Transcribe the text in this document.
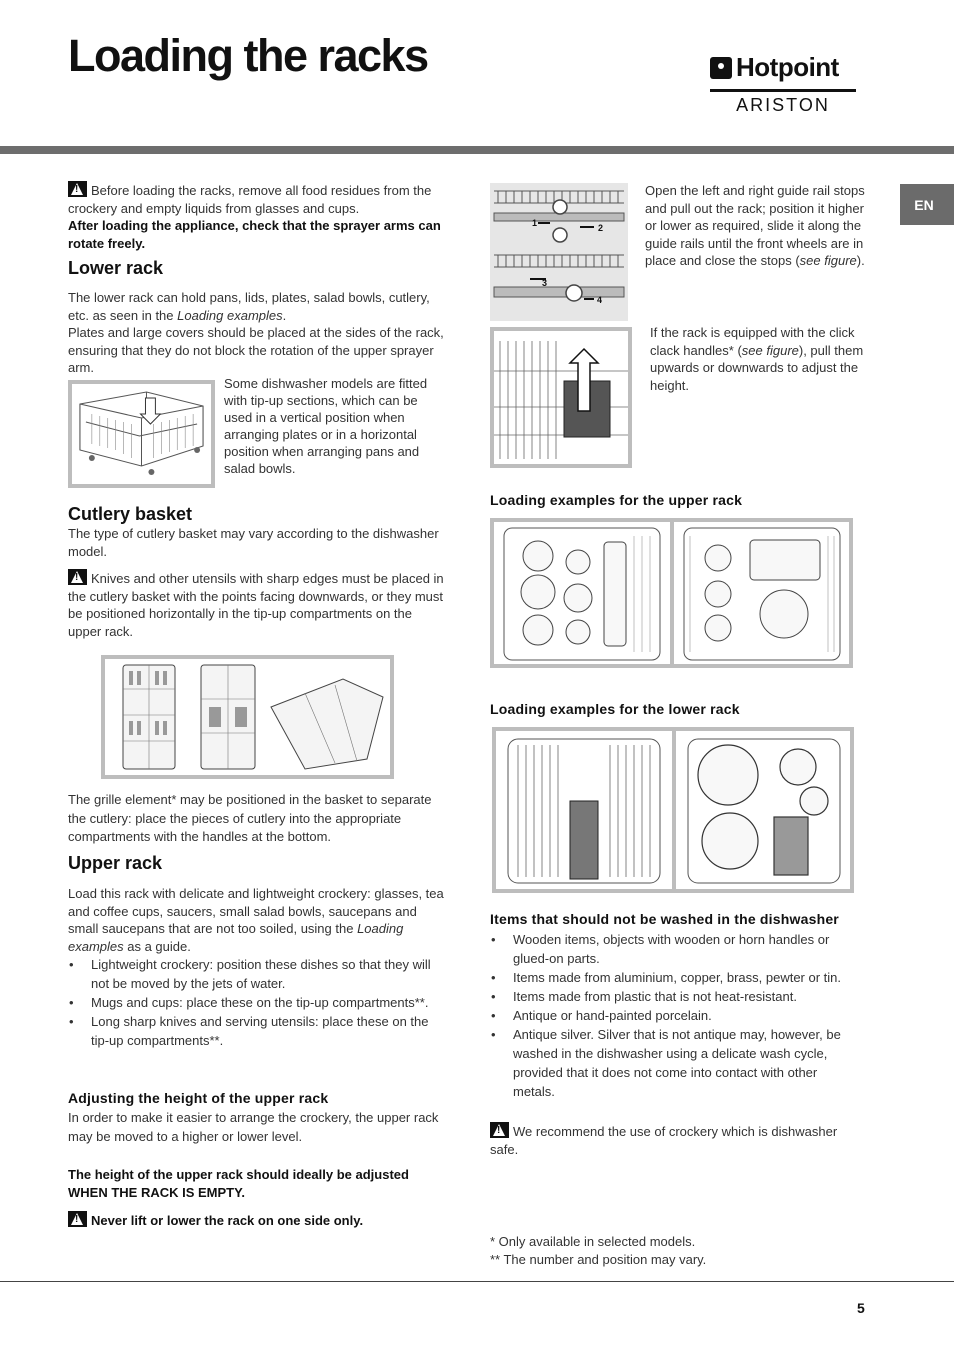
Loading the racks	Hotpoint
ARISTON
EN
!Before loading the racks, remove all food residues from the crockery and empty liquids from glasses and cups.
After loading the appliance, check that the sprayer arms can rotate freely.
Lower rack
The lower rack can hold pans, lids, plates, salad bowls, cutlery, etc. as seen in the Loading examples.
Plates and large covers should be placed at the sides of the rack, ensuring that they do not block the rotation of the upper sprayer arm.
Some dishwasher models are fitted with tip-up sections, which can be used in a vertical position when arranging plates or in a horizontal position when arranging pans and salad bowls.
Cutlery basket
The type of cutlery basket may vary according to the dishwasher model.
!Knives and other utensils with sharp edges must be placed in the cutlery basket with the points facing downwards, or they must be positioned horizontally in the tip-up compartments on the upper rack.
The grille element* may be positioned in the basket to separate the cutlery: place the pieces of cutlery into the appropriate compartments with the handles at the bottom.
Upper rack
Load this rack with delicate and lightweight crockery: glasses, tea and coffee cups, saucers, small salad bowls, saucepans and small saucepans that are not too soiled, using the Loading examples as a guide.
• Lightweight crockery: position these dishes so that they will not be moved by the jets of water.
• Mugs and cups: place these on the tip-up compartments**.
• Long sharp knives and serving utensils: place these on the tip-up compartments**.
Adjusting the height of the upper rack
In order to make it easier to arrange the crockery, the upper rack may be moved to a higher or lower level.
The height of the upper rack should ideally be adjusted WHEN THE RACK IS EMPTY.
!Never lift or lower the rack on one side only.
1	2
3
4
Open the left and right guide rail stops and pull out the rack; position it higher or lower as required, slide it along the guide rails until the front wheels are in place and close the stops (see figure).
If the rack is equipped with the click clack handles* (see figure), pull them upwards or downwards to adjust the height.
Loading examples for the upper rack
Loading examples for the lower rack
Items that should not be washed in the dishwasher
• Wooden items, objects with wooden or horn handles or glued-on parts.
• Items made from aluminium, copper, brass, pewter or tin.
• Items made from plastic that is not heat-resistant.
• Antique or hand-painted porcelain.
• Antique silver. Silver that is not antique may, however, be washed in the dishwasher using a delicate wash cycle, provided that it does not come into contact with other metals.
!We recommend the use of crockery which is dishwasher safe.
* Only available in selected models.
** The number and position may vary.
5
